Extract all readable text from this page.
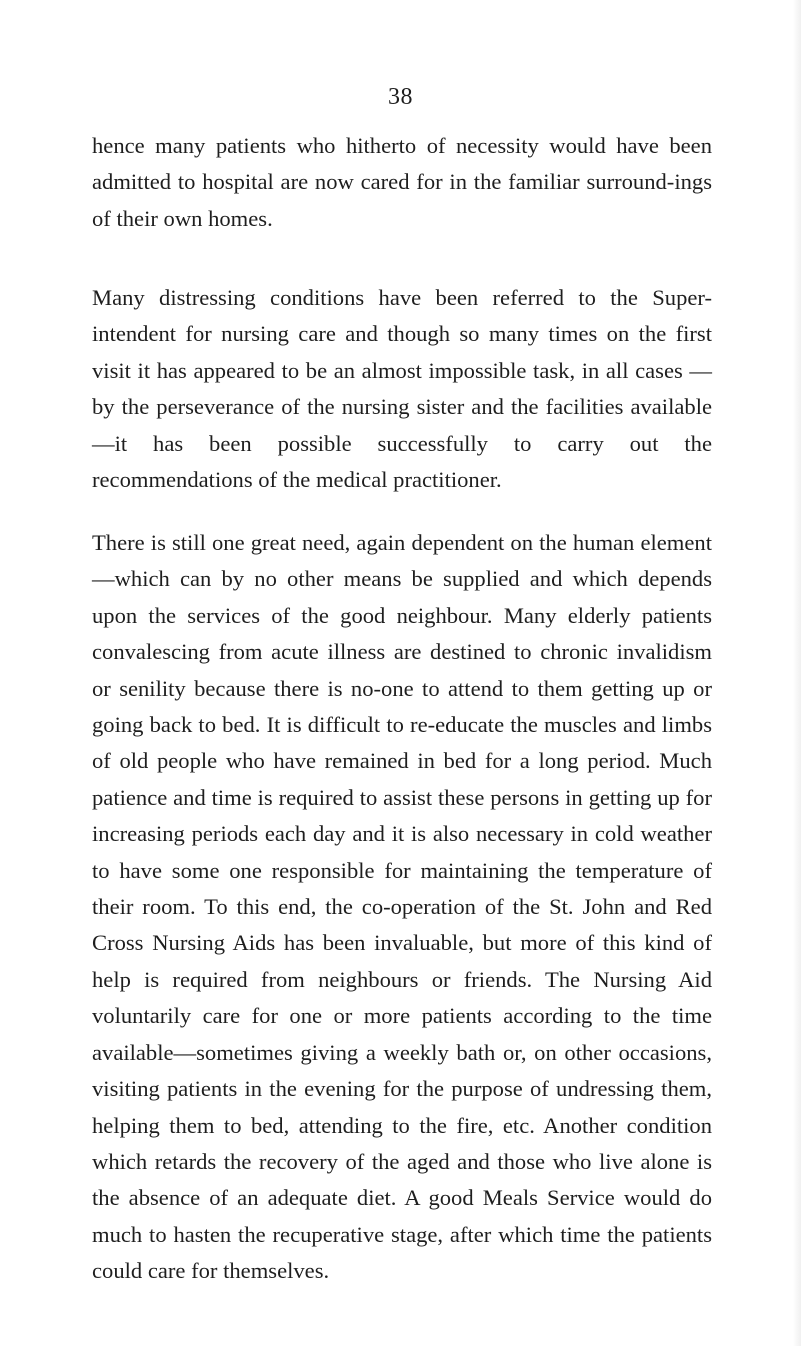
38

hence many patients who hitherto of necessity would have been admitted to hospital are now cared for in the familiar surround-ings of their own homes.

Many distressing conditions have been referred to the Super-intendent for nursing care and though so many times on the first visit it has appeared to be an almost impossible task, in all cases —by the perseverance of the nursing sister and the facilities available—it has been possible successfully to carry out the recommendations of the medical practitioner.

There is still one great need, again dependent on the human element—which can by no other means be supplied and which depends upon the services of the good neighbour. Many elderly patients convalescing from acute illness are destined to chronic invalidism or senility because there is no-one to attend to them getting up or going back to bed. It is difficult to re-educate the muscles and limbs of old people who have remained in bed for a long period. Much patience and time is required to assist these persons in getting up for increasing periods each day and it is also necessary in cold weather to have some one responsible for maintaining the temperature of their room. To this end, the co-operation of the St. John and Red Cross Nursing Aids has been invaluable, but more of this kind of help is required from neighbours or friends. The Nursing Aid voluntarily care for one or more patients according to the time available—sometimes giving a weekly bath or, on other occasions, visiting patients in the evening for the purpose of undressing them, helping them to bed, attending to the fire, etc. Another condition which retards the recovery of the aged and those who live alone is the absence of an adequate diet. A good Meals Service would do much to hasten the recuperative stage, after which time the patients could care for themselves.
